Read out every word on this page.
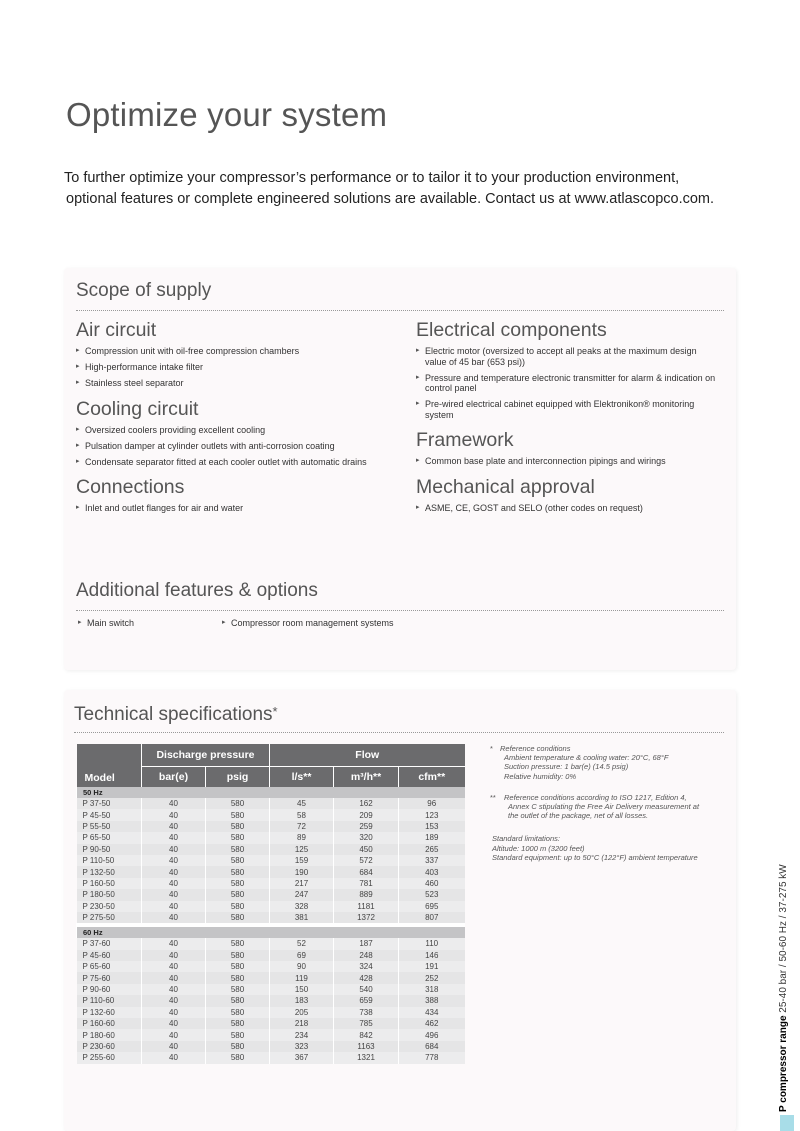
Optimize your system

To further optimize your compressor’s performance or to tailor it to your production environment,
optional features or complete engineered solutions are available. Contact us at www.atlascopco.com.

Scope of supply
Air circuit
▸ Compression unit with oil-free compression chambers
▸ High-performance intake filter
▸ Stainless steel separator
Cooling circuit
▸ Oversized coolers providing excellent cooling
▸ Pulsation damper at cylinder outlets with anti-corrosion coating
▸ Condensate separator fitted at each cooler outlet with automatic drains
Connections
▸ Inlet and outlet flanges for air and water
Electrical components
▸ Electric motor (oversized to accept all peaks at the maximum design value of 45 bar (653 psi))
▸ Pressure and temperature electronic transmitter for alarm & indication on control panel
▸ Pre-wired electrical cabinet equipped with Elektronikon® monitoring system
Framework
▸ Common base plate and interconnection pipings and wirings
Mechanical approval
▸ ASME, CE, GOST and SELO (other codes on request)
Additional features & options
▸ Main switch	▸ Compressor room management systems
Technical specifications*
Model	Discharge pressure		Flow		
	bar(e)	psig	l/s**	m³/h**	cfm**
50 Hz					
P 37-50	40	580	45	162	96
P 45-50	40	580	58	209	123
P 55-50	40	580	72	259	153
P 65-50	40	580	89	320	189
P 90-50	40	580	125	450	265
P 110-50	40	580	159	572	337
P 132-50	40	580	190	684	403
P 160-50	40	580	217	781	460
P 180-50	40	580	247	889	523
P 230-50	40	580	328	1181	695
P 275-50	40	580	381	1372	807

60 Hz					
P 37-60	40	580	52	187	110
P 45-60	40	580	69	248	146
P 65-60	40	580	90	324	191
P 75-60	40	580	119	428	252
P 90-60	40	580	150	540	318
P 110-60	40	580	183	659	388
P 132-60	40	580	205	738	434
P 160-60	40	580	218	785	462
P 180-60	40	580	234	842	496
P 230-60	40	580	323	1163	684
P 255-60	40	580	367	1321	778
* Reference conditions
Ambient temperature & cooling water: 20°C, 68°F
Suction pressure: 1 bar(e) (14.5 psig)
Relative humidity: 0%
** Reference conditions according to ISO 1217, Edition 4,
Annex C stipulating the Free Air Delivery measurement at
the outlet of the package, net of all losses.
Standard limitations:
Altitude: 1000 m (3200 feet)
Standard equipment: up to 50°C (122°F) ambient temperature
P compressor range 25-40 bar / 50-60 Hz / 37-275 kW
